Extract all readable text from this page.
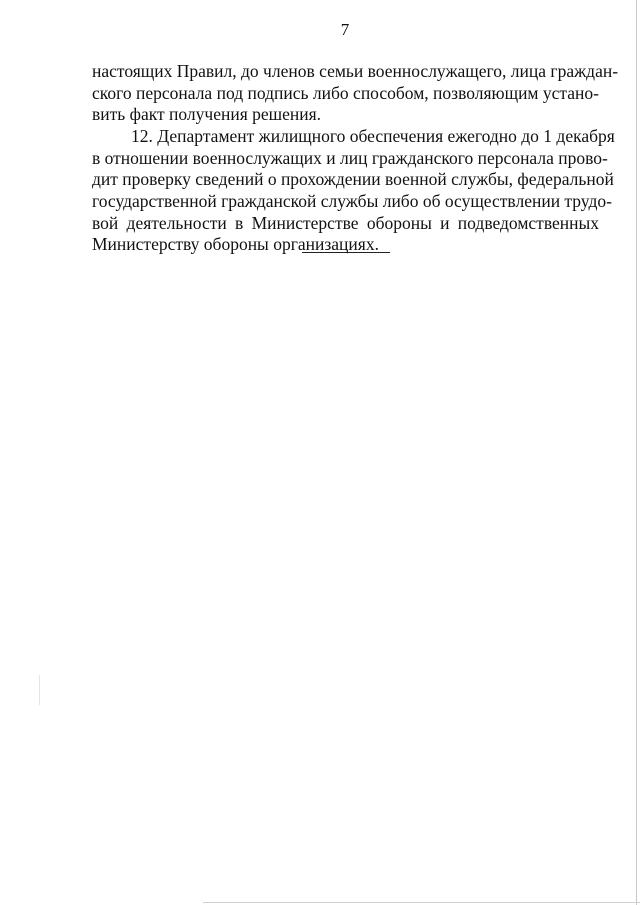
7
настоящих Правил, до членов семьи военнослужащего, лица граждан-
ского персонала под подпись либо способом, позволяющим устано-
вить факт получения решения.
12. Департамент жилищного обеспечения ежегодно до 1 декабря
в отношении военнослужащих и лиц гражданского персонала прово-
дит проверку сведений о прохождении военной службы, федеральной
государственной гражданской службы либо об осуществлении трудо-
вой деятельности в Министерстве обороны и подведомственных
Министерству обороны организациях.
